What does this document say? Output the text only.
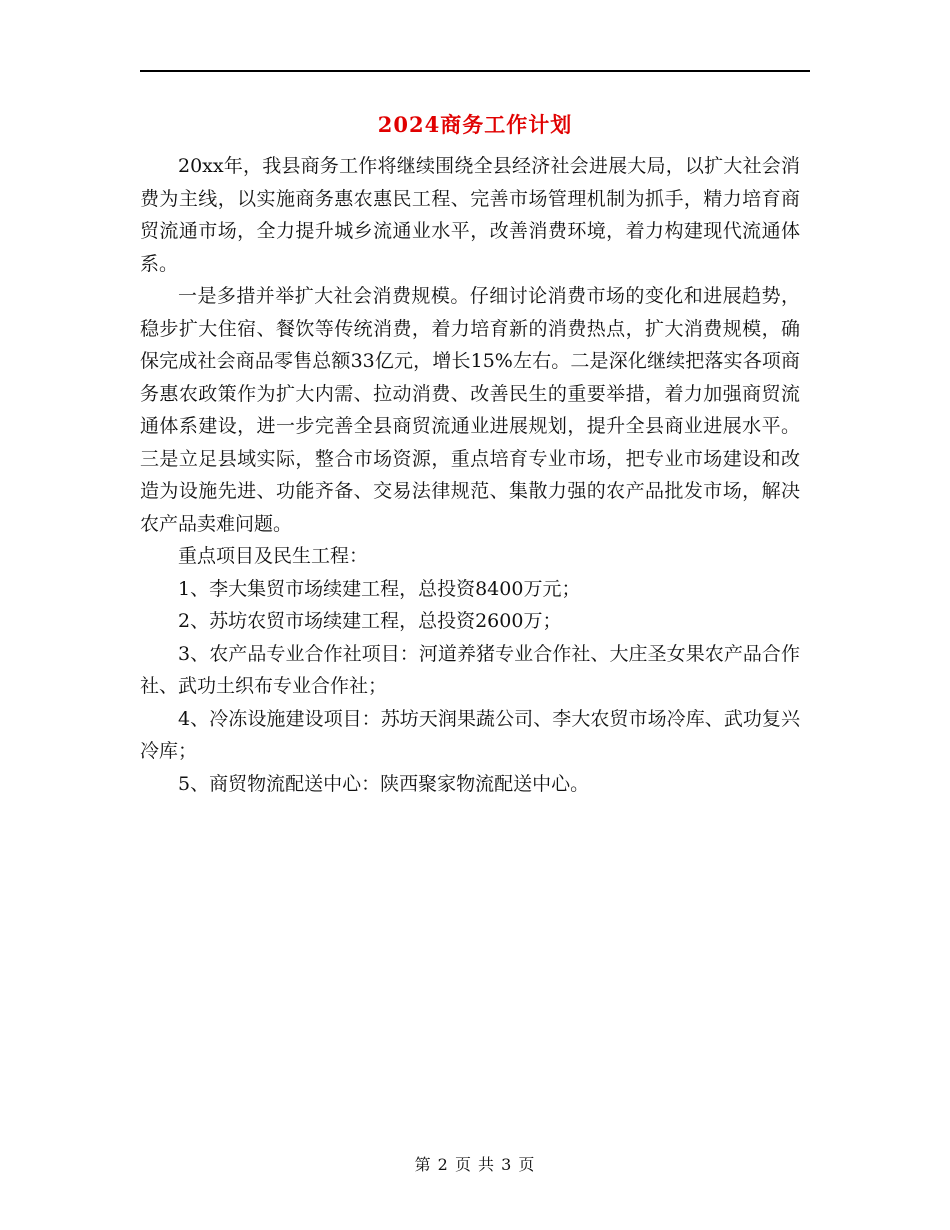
2024商务工作计划

20xx年，我县商务工作将继续围绕全县经济社会进展大局，以扩大社会消费为主线，以实施商务惠农惠民工程、完善市场管理机制为抓手，精力培育商贸流通市场，全力提升城乡流通业水平，改善消费环境，着力构建现代流通体系。

一是多措并举扩大社会消费规模。仔细讨论消费市场的变化和进展趋势，稳步扩大住宿、餐饮等传统消费，着力培育新的消费热点，扩大消费规模，确保完成社会商品零售总额33亿元，增长15%左右。二是深化继续把落实各项商务惠农政策作为扩大内需、拉动消费、改善民生的重要举措，着力加强商贸流通体系建设，进一步完善全县商贸流通业进展规划，提升全县商业进展水平。三是立足县域实际，整合市场资源，重点培育专业市场，把专业市场建设和改造为设施先进、功能齐备、交易法律规范、集散力强的农产品批发市场，解决农产品卖难问题。

重点项目及民生工程：

1、李大集贸市场续建工程，总投资8400万元；

2、苏坊农贸市场续建工程，总投资2600万；

3、农产品专业合作社项目：河道养猪专业合作社、大庄圣女果农产品合作社、武功土织布专业合作社；

4、冷冻设施建设项目：苏坊天润果蔬公司、李大农贸市场冷库、武功复兴冷库；

5、商贸物流配送中心：陕西聚家物流配送中心。

第 2 页 共 3 页
